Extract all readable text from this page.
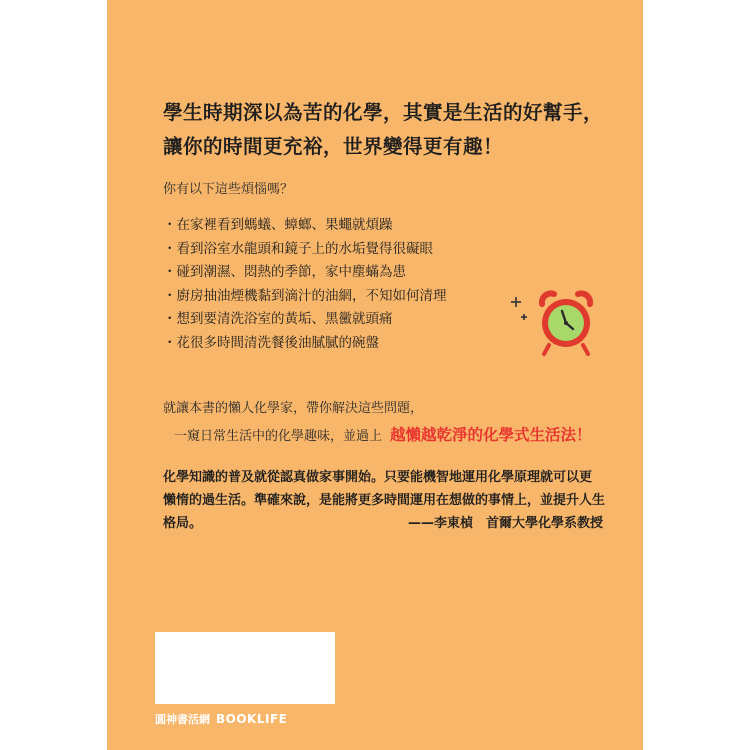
學生時期深以為苦的化學，其實是生活的好幫手，
讓你的時間更充裕，世界變得更有趣！
你有以下這些煩惱嗎？
・在家裡看到螞蟻、蟑螂、果蠅就煩躁
・看到浴室水龍頭和鏡子上的水垢覺得很礙眼
・碰到潮濕、悶熱的季節，家中塵蟎為患
・廚房抽油煙機黏到滴汁的油網，不知如何清理
・想到要清洗浴室的黃垢、黑黴就頭痛
・花很多時間清洗餐後油膩膩的碗盤
就讓本書的懶人化學家，帶你解決這些問題，
一窺日常生活中的化學趣味，並過上 越懶越乾淨的化學式生活法！
化學知識的普及就從認真做家事開始。只要能機智地運用化學原理就可以更
懶惰的過生活。準確來說，是能將更多時間運用在想做的事情上，並提升人生
格局。	——李東楨　首爾大學化學系教授
圓神書活網 BOOKLIFE
